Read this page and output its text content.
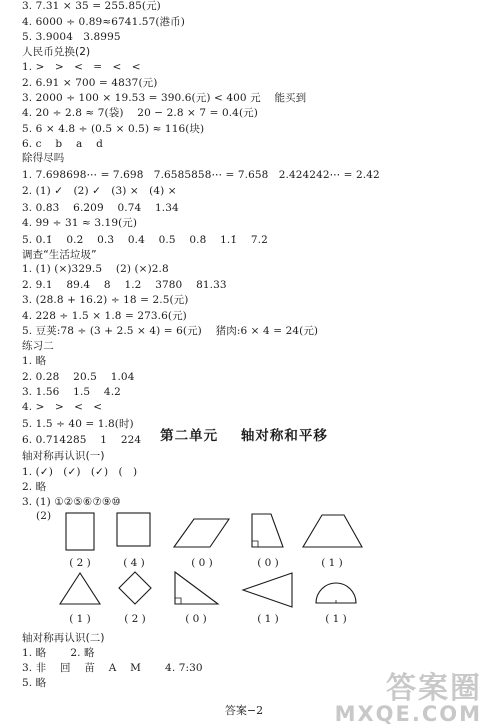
3. 7.31 × 35 = 255.85(元)
4. 6000 ÷ 0.89≈6741.57(港币)
5. 3.9004   3.8995
人民币兑换(2)
1. >   >   <   =   <   <
2. 6.91 × 700 = 4837(元)
3. 2000 ÷ 100 × 19.53 = 390.6(元) < 400 元    能买到
4. 20 ÷ 2.8 ≈ 7(袋)    20 − 2.8 × 7 = 0.4(元)
5. 6 × 4.8 ÷ (0.5 × 0.5) ≈ 116(块)
6. c    b    a    d
除得尽吗
1. 7.698698⋯ = 7.6̇98̇   7.6585858⋯ = 7.65̇8̇   2.424242⋯ = 2.4̇2̇
2. (1) ✓   (2) ✓   (3) ×   (4) ×
3. 0.83̇    6.2̇09̇    0.74    1.34̇
4. 99 ÷ 31 ≈ 3.19(元)
5. 0.1̇    0.2̇    0.3̇    0.4̇    0.5̇    0.8̇    1.1̇    7.2̇
调查“生活垃圾”
1. (1) (×)329.5    (2) (×)2.8
2. 9.1    89.4    8    1.2    3780    81.33
3. (28.8 + 16.2) ÷ 18 = 2.5(元)
4. 228 ÷ 1.5 × 1.8 = 273.6(元)
5. 豆荚:78 ÷ (3 + 2.5 × 4) = 6(元)    猪肉:6 × 4 = 24(元)
练习二
1. 略
2. 0.28    20.5    1.04
3. 1.56    1.5    4.2
4. >   >   <   <
5. 1.5 ÷ 40 = 1.8(时)
6. 0.714285    1    224	第二单元    轴对称和平移
轴对称再认识(一)
1. (✓)   (✓)   (✓)   (   )
2. 略
3. (1) ①②⑤⑥⑦⑨⑩
(2)
( 2 )	( 4 )	( 0 )	( 0 )	( 1 )
( 1 )	( 2 )	( 0 )	( 1 )	( 1 )
轴对称再认识(二)
1. 略       2. 略
3. 非    回    苗    A    M       4. 7:30
5. 略
答案−2
答案圈
MXQE.COM
